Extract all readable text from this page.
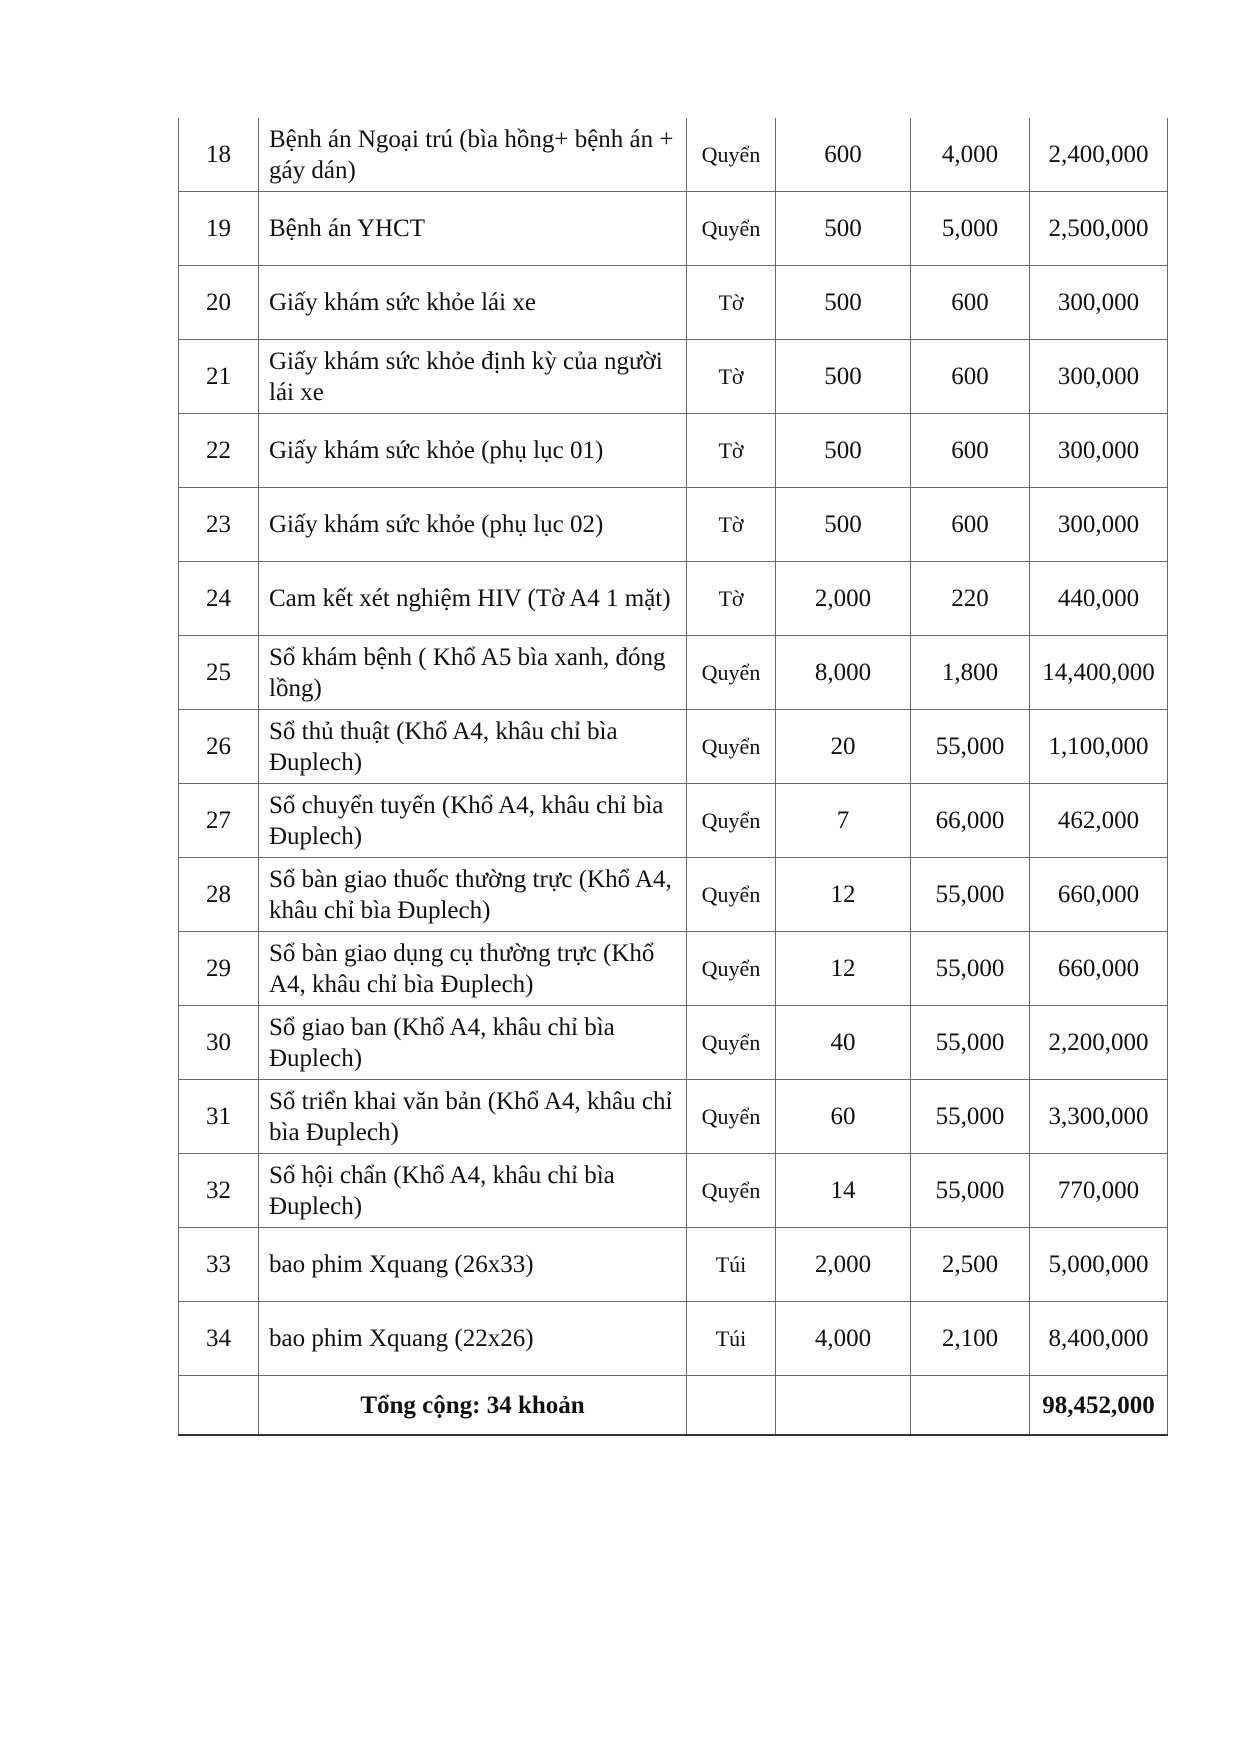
18	Bệnh án Ngoại trú (bìa hồng+ bệnh án + gáy dán)	Quyển	600	4,000	2,400,000
19	Bệnh án YHCT	Quyển	500	5,000	2,500,000
20	Giấy khám sức khỏe lái xe	Tờ	500	600	300,000
21	Giấy khám sức khỏe định kỳ của người lái xe	Tờ	500	600	300,000
22	Giấy khám sức khỏe (phụ lục 01)	Tờ	500	600	300,000
23	Giấy khám sức khỏe (phụ lục 02)	Tờ	500	600	300,000
24	Cam kết xét nghiệm HIV (Tờ A4 1 mặt)	Tờ	2,000	220	440,000
25	Sổ khám bệnh ( Khổ A5 bìa xanh, đóng lồng)	Quyển	8,000	1,800	14,400,000
26	Sổ thủ thuật (Khổ A4, khâu chỉ bìa Đuplech)	Quyển	20	55,000	1,100,000
27	Sổ chuyển tuyến (Khổ A4, khâu chỉ bìa Đuplech)	Quyển	7	66,000	462,000
28	Sổ bàn giao thuốc thường trực (Khổ A4, khâu chỉ bìa Đuplech)	Quyển	12	55,000	660,000
29	Sổ bàn giao dụng cụ thường trực (Khổ A4, khâu chỉ bìa Đuplech)	Quyển	12	55,000	660,000
30	Sổ giao ban (Khổ A4, khâu chỉ bìa Đuplech)	Quyển	40	55,000	2,200,000
31	Sổ triển khai văn bản (Khổ A4, khâu chỉ bìa Đuplech)	Quyển	60	55,000	3,300,000
32	Sổ hội chẩn (Khổ A4, khâu chỉ bìa Đuplech)	Quyển	14	55,000	770,000
33	bao phim Xquang (26x33)	Túi	2,000	2,500	5,000,000
34	bao phim Xquang (22x26)	Túi	4,000	2,100	8,400,000
	Tổng cộng: 34 khoản				98,452,000
